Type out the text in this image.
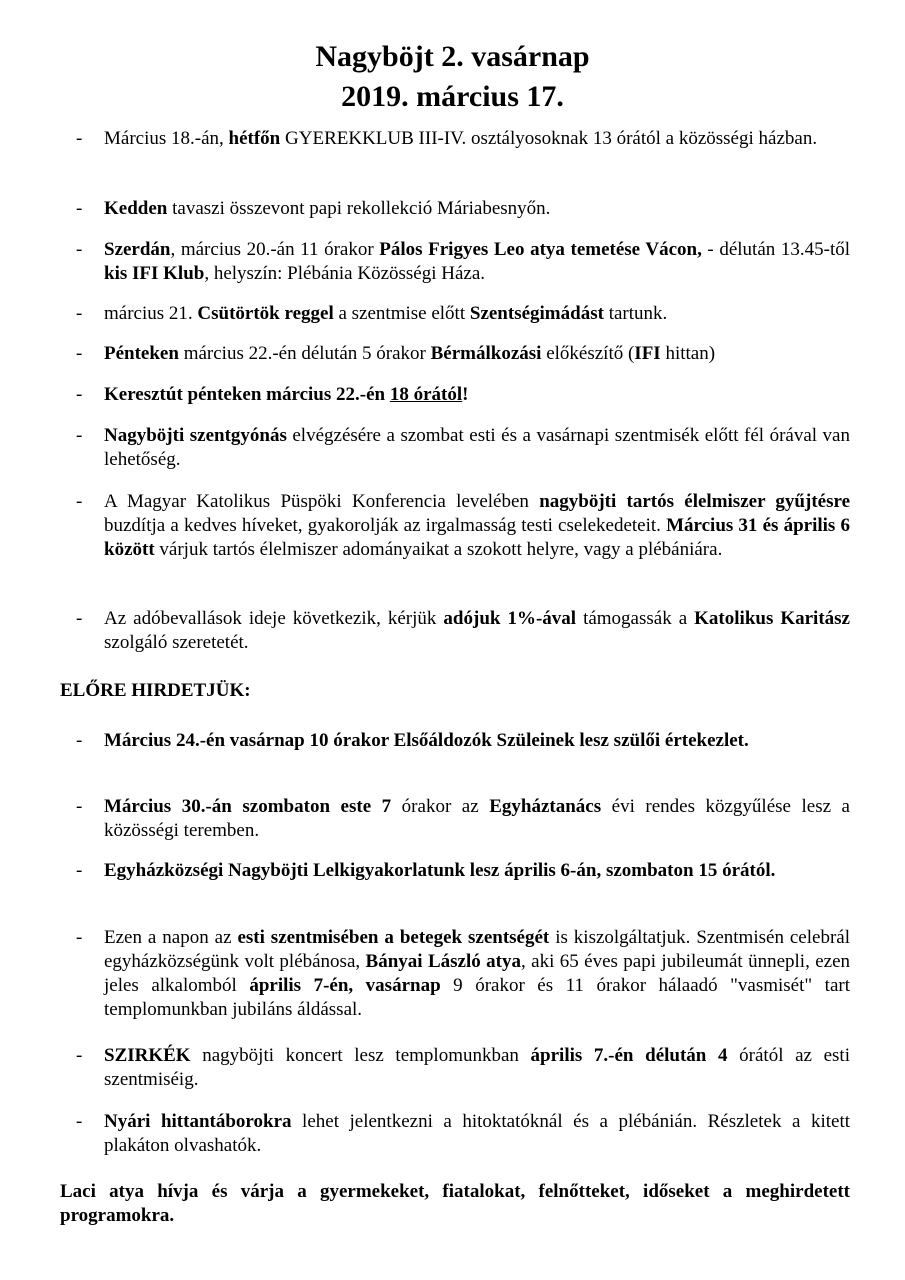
Nagyböjt 2. vasárnap
2019. március 17.
- Március 18.-án, hétfőn GYEREKKLUB III-IV. osztályosoknak 13 órától a közösségi házban.
- Kedden tavaszi összevont papi rekollekció Máriabesnyőn.
- Szerdán, március 20.-án 11 órakor Pálos Frigyes Leo atya temetése Vácon, - délután 13.45-től kis IFI Klub, helyszín: Plébánia Közösségi Háza.
- március 21. Csütörtök reggel a szentmise előtt Szentségimádást tartunk.
- Pénteken március 22.-én délután 5 órakor Bérmálkozási előkészítő (IFI hittan)
- Keresztút pénteken március 22.-én 18 órától!
- Nagyböjti szentgyónás elvégzésére a szombat esti és a vasárnapi szentmisék előtt fél órával van lehetőség.
- A Magyar Katolikus Püspöki Konferencia levelében nagyböjti tartós élelmiszer gyűjtésre buzdítja a kedves híveket, gyakorolják az irgalmasság testi cselekedeteit. Március 31 és április 6 között várjuk tartós élelmiszer adományaikat a szokott helyre, vagy a plébániára.
- Az adóbevallások ideje következik, kérjük adójuk 1%-ával támogassák a Katolikus Karitász szolgáló szeretetét.
ELŐRE HIRDETJÜK:
- Március 24.-én vasárnap 10 órakor Elsőáldozók Szüleinek lesz szülői értekezlet.
- Március 30.-án szombaton este 7 órakor az Egyháztanács évi rendes közgyűlése lesz a közösségi teremben.
- Egyházközségi Nagyböjti Lelkigyakorlatunk lesz április 6-án, szombaton 15 órától.
- Ezen a napon az esti szentmisében a betegek szentségét is kiszolgáltatjuk. Szentmisén celebrál egyházközségünk volt plébánosa, Bányai László atya, aki 65 éves papi jubileumát ünnepli, ezen jeles alkalomból április 7-én, vasárnap 9 órakor és 11 órakor hálaadó "vasmisét" tart templomunkban jubiláns áldással.
- SZIRKÉK nagyböjti koncert lesz templomunkban április 7.-én délután 4 órától az esti szentmiséig.
- Nyári hittantáborokra lehet jelentkezni a hitoktatóknál és a plébánián. Részletek a kitett plakáton olvashatók.
Laci atya hívja és várja a gyermekeket, fiatalokat, felnőtteket, időseket a meghirdetett programokra.
